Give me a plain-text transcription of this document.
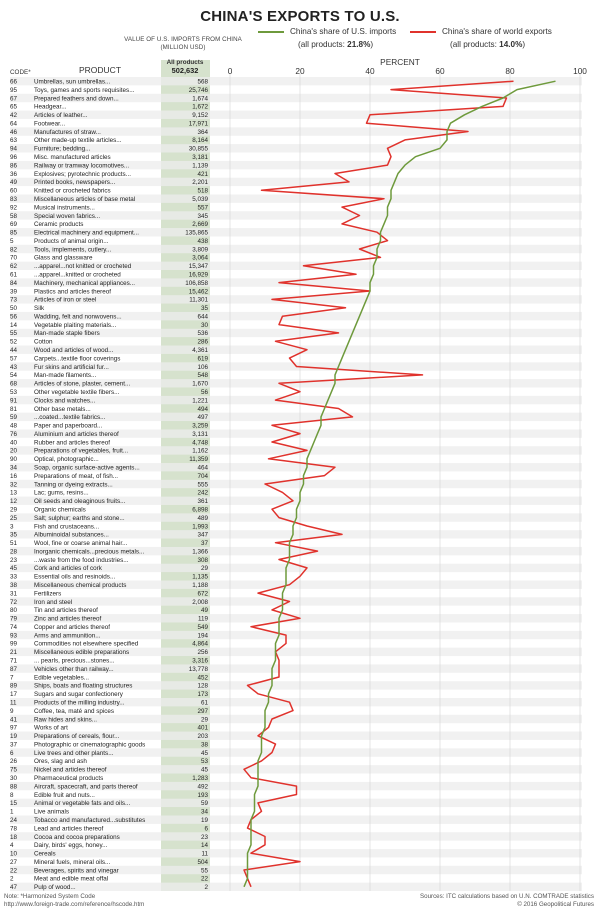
CHINA'S EXPORTS TO U.S.
China's share of U.S. imports
(all products: 21.8%)
China's share of world exports
(all products: 14.0%)
VALUE OF U.S. IMPORTS FROM CHINA (MILLION USD)
CODE*	PRODUCT
All products
502,632
PERCENT
0	20	40	60	80	100
66	Umbrellas, sun umbrellas...	568
95	Toys, games and sports requisites...	25,746
67	Prepared feathers and down...	1,674
65	Headgear...	1,672
42	Articles of leather...	9,152
64	Footwear...	17,971
46	Manufactures of straw...	364
63	Other made-up textile articles...	8,164
94	Furniture; bedding...	30,855
96	Misc. manufactured articles	3,181
86	Railway or tramway locomotives...	1,139
36	Explosives; pyrotechnic products...	421
49	Printed books, newspapers...	2,201
60	Knitted or crocheted fabrics	518
83	Miscellaneous articles of base metal	5,039
92	Musical instruments...	557
58	Special woven fabrics...	345
69	Ceramic products	2,669
85	Electrical machinery and equipment...	135,865
5	Products of animal origin...	438
82	Tools, implements, cutlery...	3,809
70	Glass and glassware	3,064
62	...apparel...not knitted or crocheted	15,347
61	...apparel...knitted or crocheted	16,929
84	Machinery, mechanical appliances...	106,858
39	Plastics and articles thereof	15,462
73	Articles of iron or steel	11,301
50	Silk	35
56	Wadding, felt and nonwovens...	644
14	Vegetable plaiting materials...	30
55	Man-made staple fibers	536
52	Cotton	286
44	Wood and articles of wood...	4,361
57	Carpets...textile floor coverings	619
43	Fur skins and artificial fur...	106
54	Man-made filaments...	548
68	Articles of stone, plaster, cement...	1,670
53	Other vegetable textile fibers...	56
91	Clocks and watches...	1,221
81	Other base metals...	494
59	...coated...textile fabrics...	497
48	Paper and paperboard...	3,259
76	Aluminium and articles thereof	3,131
40	Rubber and articles thereof	4,748
20	Preparations of vegetables, fruit...	1,162
90	Optical, photographic...	11,359
34	Soap, organic surface-active agents...	464
16	Preparations of meat, of fish...	704
32	Tanning or dyeing extracts...	555
13	Lac; gums, resins...	242
12	Oil seeds and oleaginous fruits...	361
29	Organic chemicals	6,898
25	Salt; sulphur; earths and stone...	489
3	Fish and crustaceans...	1,993
35	Albuminoidal substances...	347
51	Wool, fine or coarse animal hair...	37
28	Inorganic chemicals...precious metals...	1,366
23	...waste from the food industries...	308
45	Cork and articles of cork	29
33	Essential oils and resinoids...	1,135
38	Miscellaneous chemical products	1,188
31	Fertilizers	672
72	Iron and steel	2,008
80	Tin and articles thereof	49
79	Zinc and articles thereof	119
74	Copper and articles thereof	549
93	Arms and ammunition...	194
99	Commodities not elsewhere specified	4,864
21	Miscellaneous edible preparations	256
71	... pearls, precious...stones...	3,316
87	Vehicles other than railway...	13,778
7	Edible vegetables...	452
89	Ships, boats and floating structures	128
17	Sugars and sugar confectionery	173
11	Products of the milling industry...	61
9	Coffee, tea, maté and spices	297
41	Raw hides and skins...	29
97	Works of art	401
19	Preparations of cereals, flour...	203
37	Photographic or cinematographic goods	38
6	Live trees and other plants...	45
26	Ores, slag and ash	53
75	Nickel and articles thereof	45
30	Pharmaceutical products	1,283
88	Aircraft, spacecraft, and parts thereof	492
8	Edible fruit and nuts...	193
15	Animal or vegetable fats and oils...	59
1	Live animals	34
24	Tobacco and manufactured...substitutes	19
78	Lead and articles thereof	6
18	Cocoa and cocoa preparations	23
4	Dairy, birds' eggs, honey...	14
10	Cereals	11
27	Mineral fuels, mineral oils...	504
22	Beverages, spirits and vinegar	55
2	Meat and edible meat offal	22
47	Pulp of wood...	2
Note: *Harmonized System Code
http://www.foreign-trade.com/reference/hscode.htm
Sources: ITC calculations based on U.N. COMTRADE statistics
© 2016 Geopolitical Futures
